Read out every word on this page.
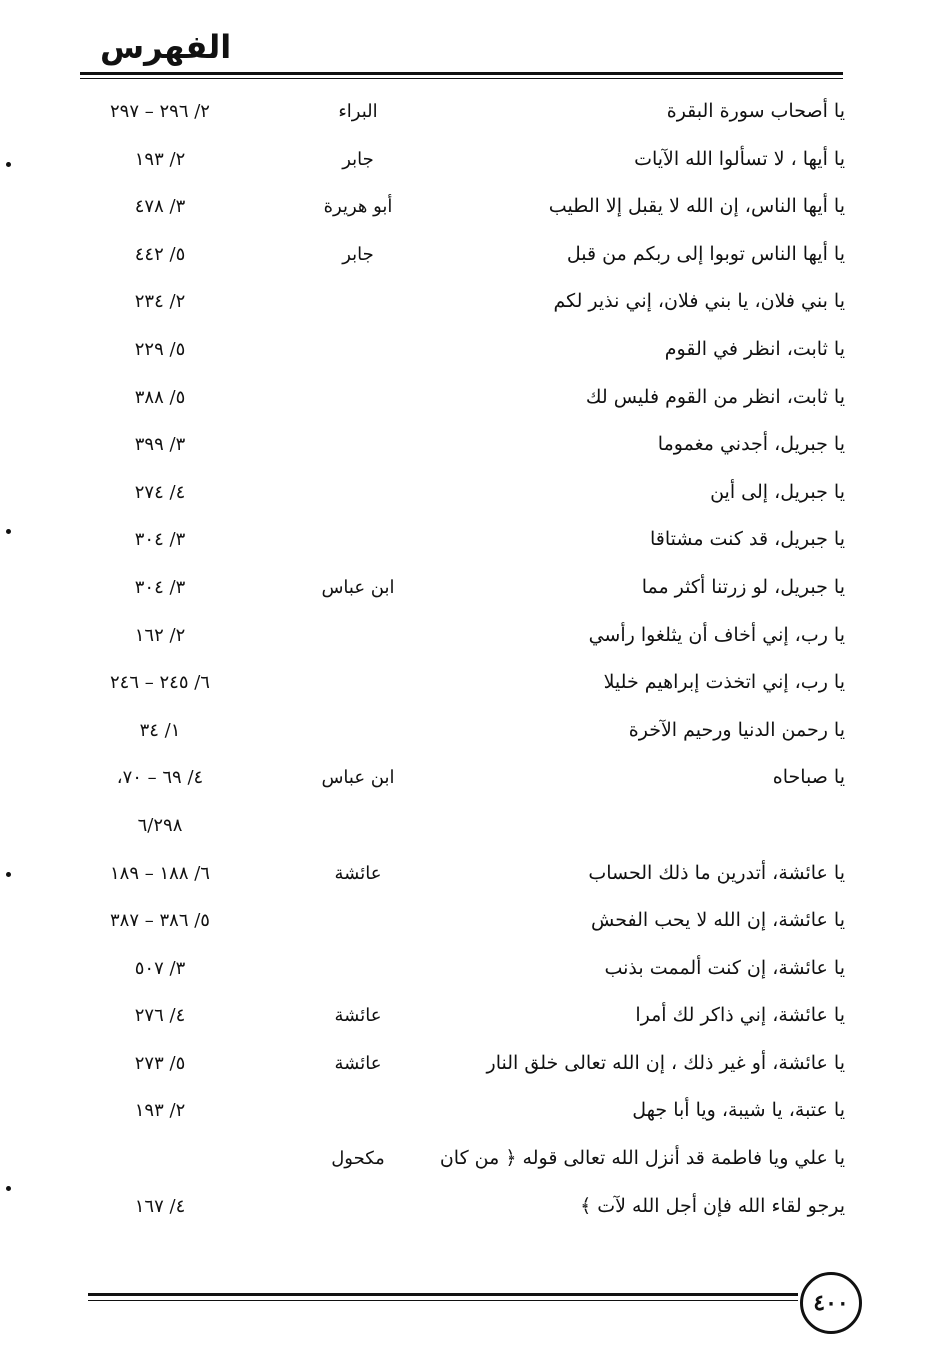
الفهرس
يا أصحاب سورة البقرة
البراء
٢/ ٢٩٦ – ٢٩٧
يا أيها ، لا تسألوا الله الآيات
جابر
٢/ ١٩٣
يا أيها الناس، إن الله لا يقبل إلا الطيب
أبو هريرة
٣/ ٤٧٨
يا أيها الناس توبوا إلى ربكم من قبل
جابر
٥/ ٤٤٢
يا بني فلان، يا بني فلان، إني نذير لكم
٢/ ٢٣٤
يا ثابت، انظر في القوم
٥/ ٢٢٩
يا ثابت، انظر من القوم فليس لك
٥/ ٣٨٨
يا جبريل، أجدني مغموما
٣/ ٣٩٩
يا جبريل، إلى أين
٤/ ٢٧٤
يا جبريل، قد كنت مشتاقا
٣/ ٣٠٤
يا جبريل، لو زرتنا أكثر مما
ابن عباس
٣/ ٣٠٤
يا رب، إني أخاف أن يثلغوا رأسي
٢/ ١٦٢
يا رب، إني اتخذت إبراهيم خليلا
٦/ ٢٤٥ – ٢٤٦
يا رحمن الدنيا ورحيم الآخرة
١/ ٣٤
يا صباحاه
ابن عباس
٤/ ٦٩ – ٧٠،
٦/٢٩٨
يا عائشة، أتدرين ما ذلك الحساب
عائشة
٦/ ١٨٨ – ١٨٩
يا عائشة، إن الله لا يحب الفحش
٥/ ٣٨٦ – ٣٨٧
يا عائشة، إن كنت ألممت بذنب
٣/ ٥٠٧
يا عائشة، إني ذاكر لك أمرا
عائشة
٤/ ٢٧٦
يا عائشة، أو غير ذلك ، إن الله تعالى خلق النار
عائشة
٥/ ٢٧٣
يا عتبة، يا شيبة، ويا أبا جهل
٢/ ١٩٣
يا علي ويا فاطمة قد أنزل الله تعالى قوله ﴿ من كان
مكحول
يرجو لقاء الله فإن أجل الله لآت ﴾
٤/ ١٦٧
٤٠٠
